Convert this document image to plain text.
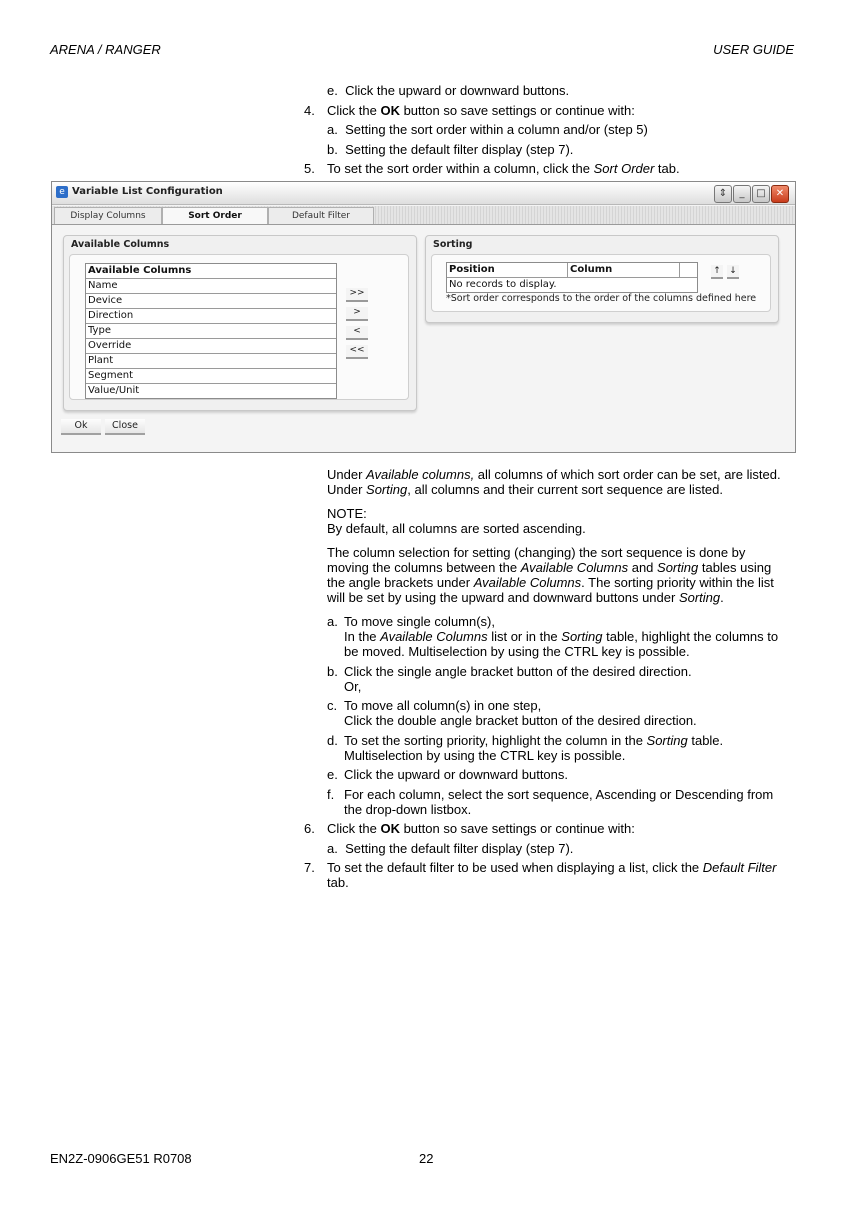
ARENA / RANGER	USER GUIDE
e. Click the upward or downward buttons.
4. Click the OK button so save settings or continue with:
a. Setting the sort order within a column and/or (step 5)
b. Setting the default filter display (step 7).
5. To set the sort order within a column, click the Sort Order tab.
e Variable List Configuration	⇕	_	□	✕
Display Columns	Sort Order	Default Filter
Available Columns
Available Columns
Name
Device
Direction
Type
Override
Plant
Segment
Value/Unit
>>
>
<
<<
Sorting
Position	Column
No records to display.
↑ ↓
*Sort order corresponds to the order of the columns defined here
Ok	Close
Under Available columns, all columns of which sort order can be set, are listed.
Under Sorting, all columns and their current sort sequence are listed.
NOTE:
By default, all columns are sorted ascending.
The column selection for setting (changing) the sort sequence is done by
moving the columns between the Available Columns and Sorting tables using
the angle brackets under Available Columns. The sorting priority within the list
will be set by using the upward and downward buttons under Sorting.
a. To move single column(s),
In the Available Columns list or in the Sorting table, highlight the columns to
be moved. Multiselection by using the CTRL key is possible.
b. Click the single angle bracket button of the desired direction.
Or,
c. To move all column(s) in one step,
Click the double angle bracket button of the desired direction.
d. To set the sorting priority, highlight the column in the Sorting table.
Multiselection by using the CTRL key is possible.
e. Click the upward or downward buttons.
f. For each column, select the sort sequence, Ascending or Descending from
the drop-down listbox.
6. Click the OK button so save settings or continue with:
a. Setting the default filter display (step 7).
7. To set the default filter to be used when displaying a list, click the Default Filter
tab.
EN2Z-0906GE51 R0708	22
